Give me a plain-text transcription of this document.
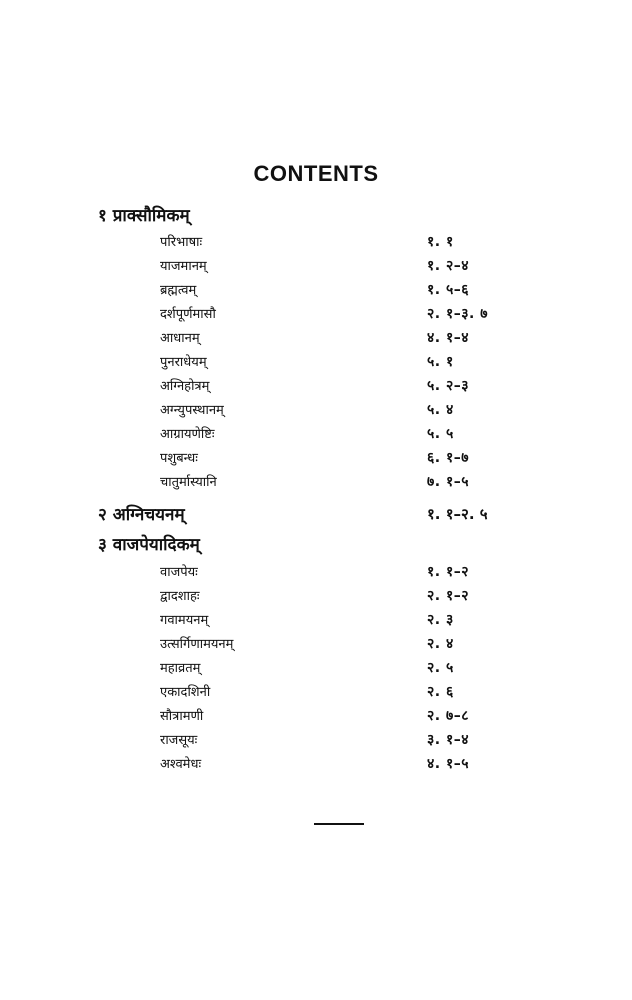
CONTENTS
१ प्राक्सौमिकम्
परिभाषाः	१. १
याजमानम्	१. २–४
ब्रह्मत्वम्	१. ५–६
दर्शपूर्णमासौ	२. १–३. ७
आधानम्	४. १–४
पुनराधेयम्	५. १
अग्निहोत्रम्	५. २–३
अग्न्युपस्थानम्	५. ४
आग्रायणेष्टिः	५. ५
पशुबन्धः	६. १–७
चातुर्मास्यानि	७. १–५
२ अग्निचयनम्	१. १–२. ५
३ वाजपेयादिकम्
वाजपेयः	१. १–२
द्वादशाहः	२. १–२
गवामयनम्	२. ३
उत्सर्गिणामयनम्	२. ४
महाव्रतम्	२. ५
एकादशिनी	२. ६
सौत्रामणी	२. ७–८
राजसूयः	३. १–४
अश्वमेधः	४. १–५
